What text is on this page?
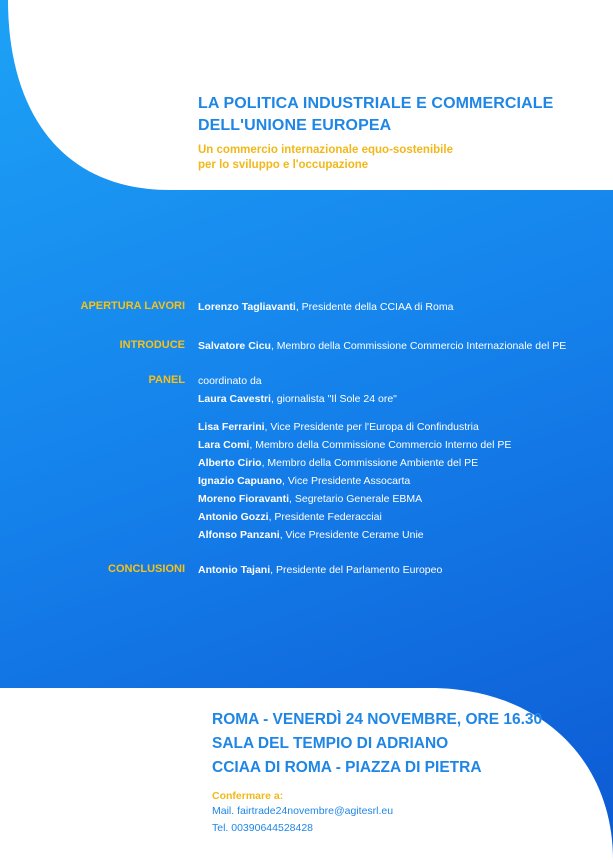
LA POLITICA INDUSTRIALE E COMMERCIALE
DELL'UNIONE EUROPEA

Un commercio internazionale equo-sostenibile
per lo sviluppo e l'occupazione

APERTURA LAVORI Lorenzo Tagliavanti, Presidente della CCIAA di Roma
INTRODUCE Salvatore Cicu, Membro della Commissione Commercio Internazionale del PE
PANEL coordinato da
Laura Cavestri, giornalista "Il Sole 24 ore"
Lisa Ferrarini, Vice Presidente per l'Europa di Confindustria
Lara Comi, Membro della Commissione Commercio Interno del PE
Alberto Cirio, Membro della Commissione Ambiente del PE
Ignazio Capuano, Vice Presidente Assocarta
Moreno Fioravanti, Segretario Generale EBMA
Antonio Gozzi, Presidente Federacciai
Alfonso Panzani, Vice Presidente Cerame Unie
CONCLUSIONI Antonio Tajani, Presidente del Parlamento Europeo
ROMA - VENERDÌ 24 NOVEMBRE, ORE 16.30
SALA DEL TEMPIO DI ADRIANO
CCIAA DI ROMA - PIAZZA DI PIETRA
Confermare a:
Mail. fairtrade24novembre@agitesrl.eu
Tel. 00390644528428
